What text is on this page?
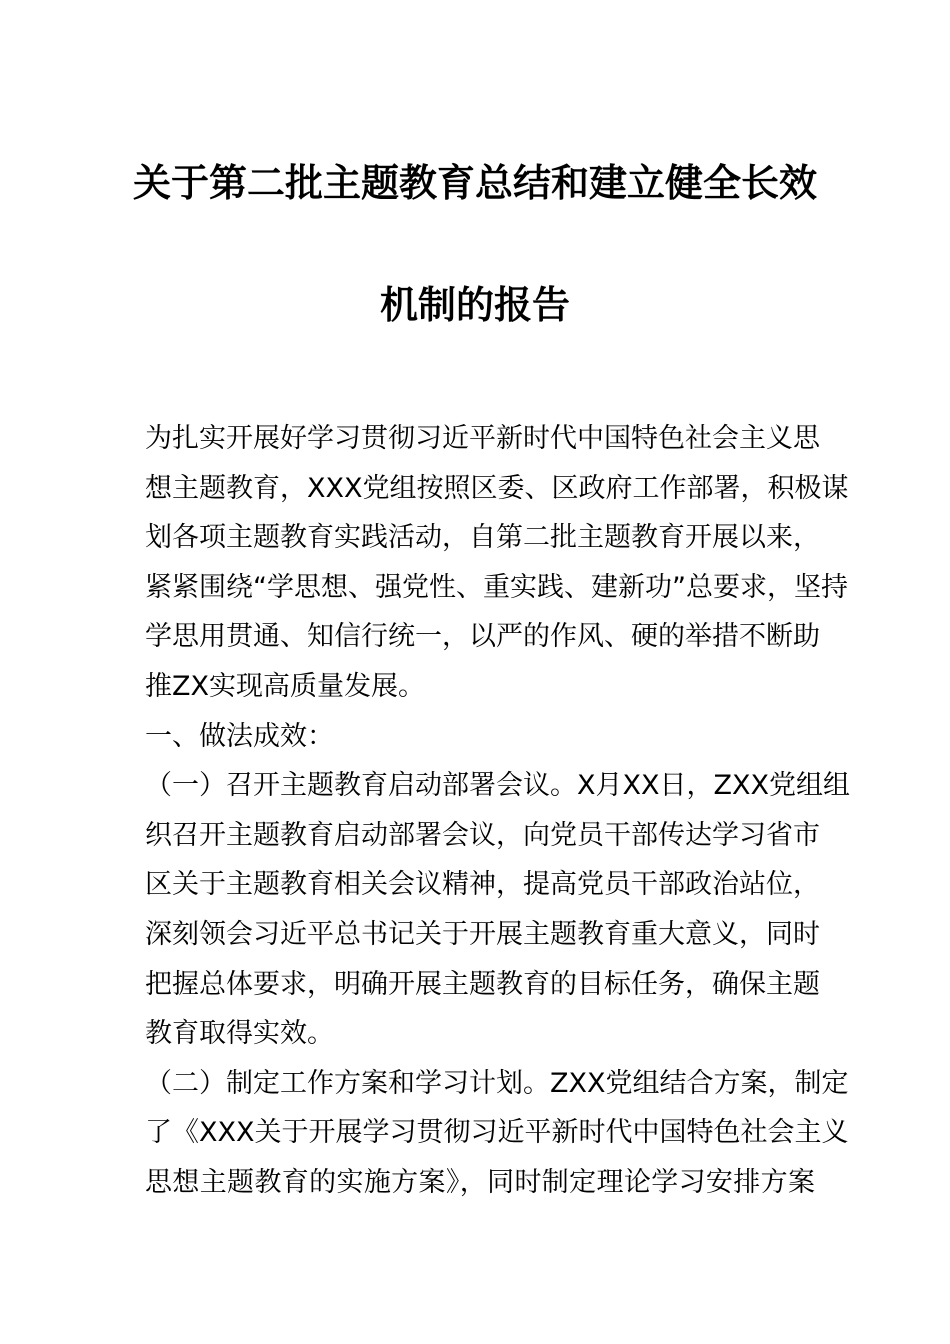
关于第二批主题教育总结和建立健全长效
机制的报告
为扎实开展好学习贯彻习近平新时代中国特色社会主义思
想主题教育，XXX党组按照区委、区政府工作部署，积极谋
划各项主题教育实践活动，自第二批主题教育开展以来，
紧紧围绕“学思想、强党性、重实践、建新功”总要求，坚持
学思用贯通、知信行统一，以严的作风、硬的举措不断助
推ZX实现高质量发展。
一、做法成效：
（一）召开主题教育启动部署会议。X月XX日，ZXX党组组
织召开主题教育启动部署会议，向党员干部传达学习省市
区关于主题教育相关会议精神，提高党员干部政治站位，
深刻领会习近平总书记关于开展主题教育重大意义，同时
把握总体要求，明确开展主题教育的目标任务，确保主题
教育取得实效。
（二）制定工作方案和学习计划。ZXX党组结合方案，制定
了《XXX关于开展学习贯彻习近平新时代中国特色社会主义
思想主题教育的实施方案》，同时制定理论学习安排方案
